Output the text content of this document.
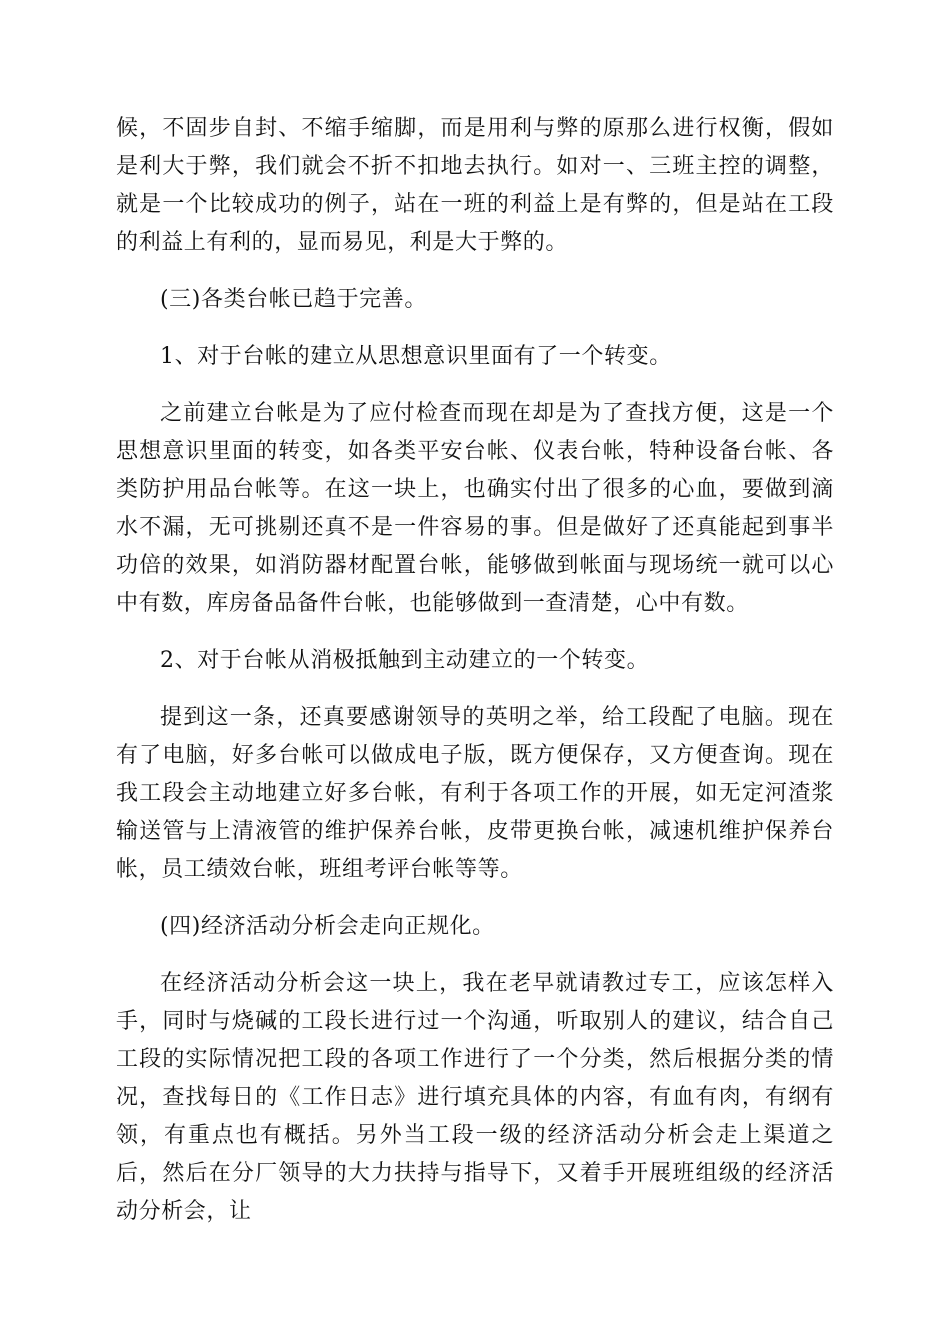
候，不固步自封、不缩手缩脚，而是用利与弊的原那么进行权衡，假如是利大于弊，我们就会不折不扣地去执行。如对一、三班主控的调整，就是一个比较成功的例子，站在一班的利益上是有弊的，但是站在工段的利益上有利的，显而易见，利是大于弊的。

(三)各类台帐已趋于完善。

1、对于台帐的建立从思想意识里面有了一个转变。

之前建立台帐是为了应付检查而现在却是为了查找方便，这是一个思想意识里面的转变，如各类平安台帐、仪表台帐，特种设备台帐、各类防护用品台帐等。在这一块上，也确实付出了很多的心血，要做到滴水不漏，无可挑剔还真不是一件容易的事。但是做好了还真能起到事半功倍的效果，如消防器材配置台帐，能够做到帐面与现场统一就可以心中有数，库房备品备件台帐，也能够做到一查清楚，心中有数。

2、对于台帐从消极抵触到主动建立的一个转变。

提到这一条，还真要感谢领导的英明之举，给工段配了电脑。现在有了电脑，好多台帐可以做成电子版，既方便保存，又方便查询。现在我工段会主动地建立好多台帐，有利于各项工作的开展，如无定河渣浆输送管与上清液管的维护保养台帐，皮带更换台帐，减速机维护保养台帐，员工绩效台帐，班组考评台帐等等。

(四)经济活动分析会走向正规化。

在经济活动分析会这一块上，我在老早就请教过专工，应该怎样入手，同时与烧碱的工段长进行过一个沟通，听取别人的建议，结合自己工段的实际情况把工段的各项工作进行了一个分类，然后根据分类的情况，查找每日的《工作日志》进行填充具体的内容，有血有肉，有纲有领，有重点也有概括。另外当工段一级的经济活动分析会走上渠道之后，然后在分厂领导的大力扶持与指导下，又着手开展班组级的经济活动分析会，让
